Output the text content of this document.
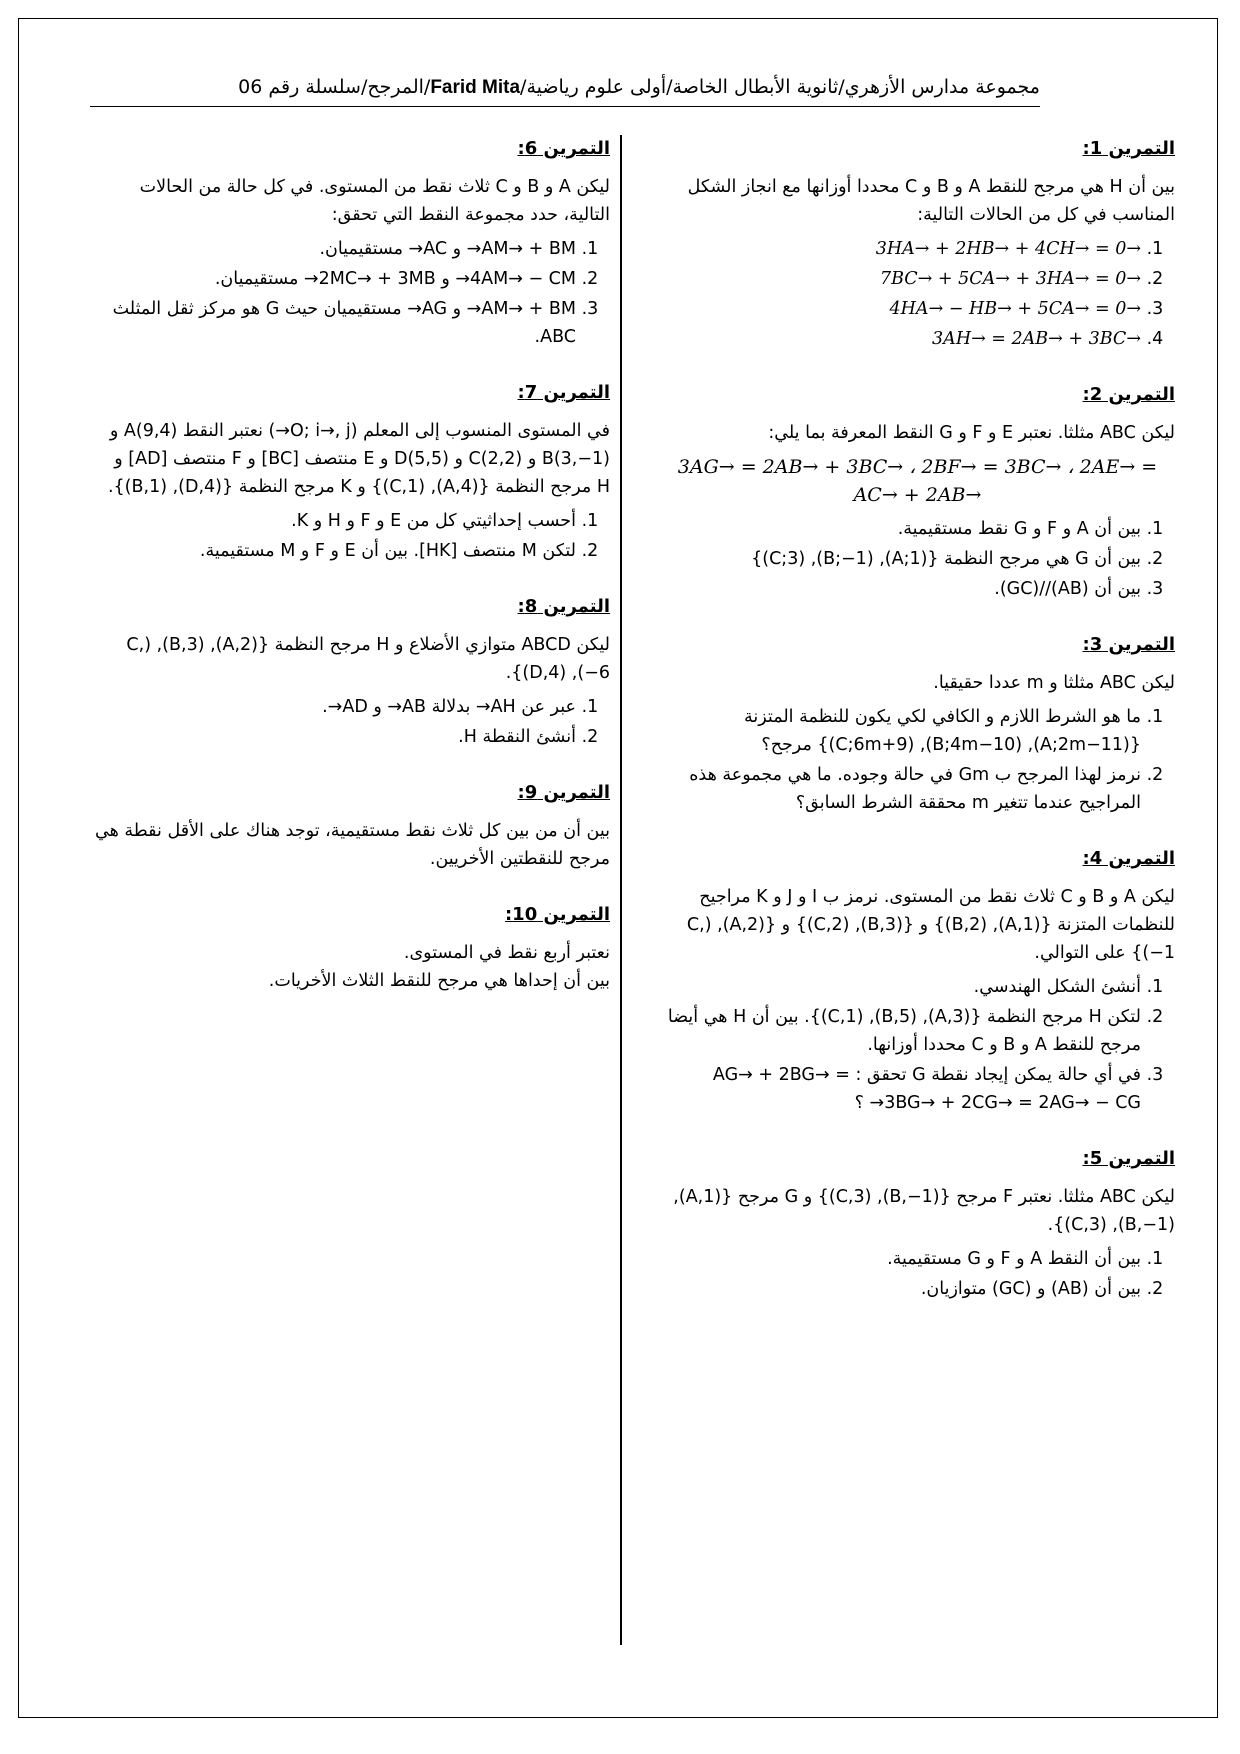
مجموعة مدارس الأزهري/ثانوية الأبطال الخاصة/أولى علوم رياضية/Farid Mita/المرجح/سلسلة رقم 06
التمرين 1:

بين أن H هي مرجح للنقط A و B و C محددا أوزانها مع انجاز الشكل المناسب في كل من الحالات التالية:

1. 3HA→ + 2HB→ + 4CH→ = 0→
2. 7BC→ + 5CA→ + 3HA→ = 0→
3. 4HA→ − HB→ + 5CA→ = 0→
4. 3AH→ = 2AB→ + 3BC→
التمرين 2:

ليكن ABC مثلثا. نعتبر E و F و G النقط المعرفة بما يلي:

3AG→ = 2AB→ + 3BC→ ، 2BF→ = 3BC→ ، 2AE→ = AC→ + 2AB→
1. بين أن A و F و G نقط مستقيمية.
2. بين أن G هي مرجح النظمة {(A;1), (B;−1), (C;3)}
3. بين أن (AB)//(GC).
التمرين 3:

ليكن ABC مثلثا و m عددا حقيقيا.

1. ما هو الشرط اللازم و الكافي لكي يكون للنظمة المتزنة {(A;2m−11), (B;4m−10), (C;6m+9)} مرجح؟
2. نرمز لهذا المرجح ب Gm في حالة وجوده. ما هي مجموعة هذه المراجيح عندما تتغير m محققة الشرط السابق؟
التمرين 4:

ليكن A و B و C ثلاث نقط من المستوى. نرمز ب I و J و K مراجيح للنظمات المتزنة {(A,1), (B,2)} و {(B,3), (C,2)} و {(A,2), (C,−1)} على التوالي.

1. أنشئ الشكل الهندسي.
2. لتكن H مرجح النظمة {(A,3), (B,5), (C,1)}. بين أن H هي أيضا مرجح للنقط A و B و C محددا أوزانها.
3. في أي حالة يمكن إيجاد نقطة G تحقق : AG→ + 2BG→ = 3BG→ + 2CG→ = 2AG→ − CG→ ؟
التمرين 5:

ليكن ABC مثلثا. نعتبر F مرجح {(B,−1), (C,3)} و G مرجح {(A,1), (B,−1), (C,3)}.

1. بين أن النقط A و F و G مستقيمية.
2. بين أن (AB) و (GC) متوازيان.
التمرين 6:

ليكن A و B و C ثلاث نقط من المستوى. في كل حالة من الحالات التالية، حدد مجموعة النقط التي تحقق:

1. AM→ + BM→ و AC→ مستقيميان.
2. 4AM→ − CM→ و 2MC→ + 3MB→ مستقيميان.
3. AM→ + BM→ و AG→ مستقيميان حيث G هو مركز ثقل المثلث ABC.
التمرين 7:

في المستوى المنسوب إلى المعلم (O; i→, j→) نعتبر النقط A(9,4) و B(3,−1) و C(2,2) و D(5,5) و E منتصف [BC] و F منتصف [AD] و H مرجح النظمة {(A,4), (C,1)} و K مرجح النظمة {(D,4), (B,1)}.

1. أحسب إحداثيتي كل من E و F و H و K.
2. لتكن M منتصف [HK]. بين أن E و F و M مستقيمية.
التمرين 8:

ليكن ABCD متوازي الأضلاع و H مرجح النظمة {(A,2), (B,3), (C,−6), (D,4)}.

1. عبر عن AH→ بدلالة AB→ و AD→.
2. أنشئ النقطة H.
التمرين 9:

بين أن من بين كل ثلاث نقط مستقيمية، توجد هناك على الأقل نقطة هي مرجح للنقطتين الأخريين.

التمرين 10:

نعتبر أربع نقط في المستوى.

بين أن إحداها هي مرجح للنقط الثلاث الأخريات.
